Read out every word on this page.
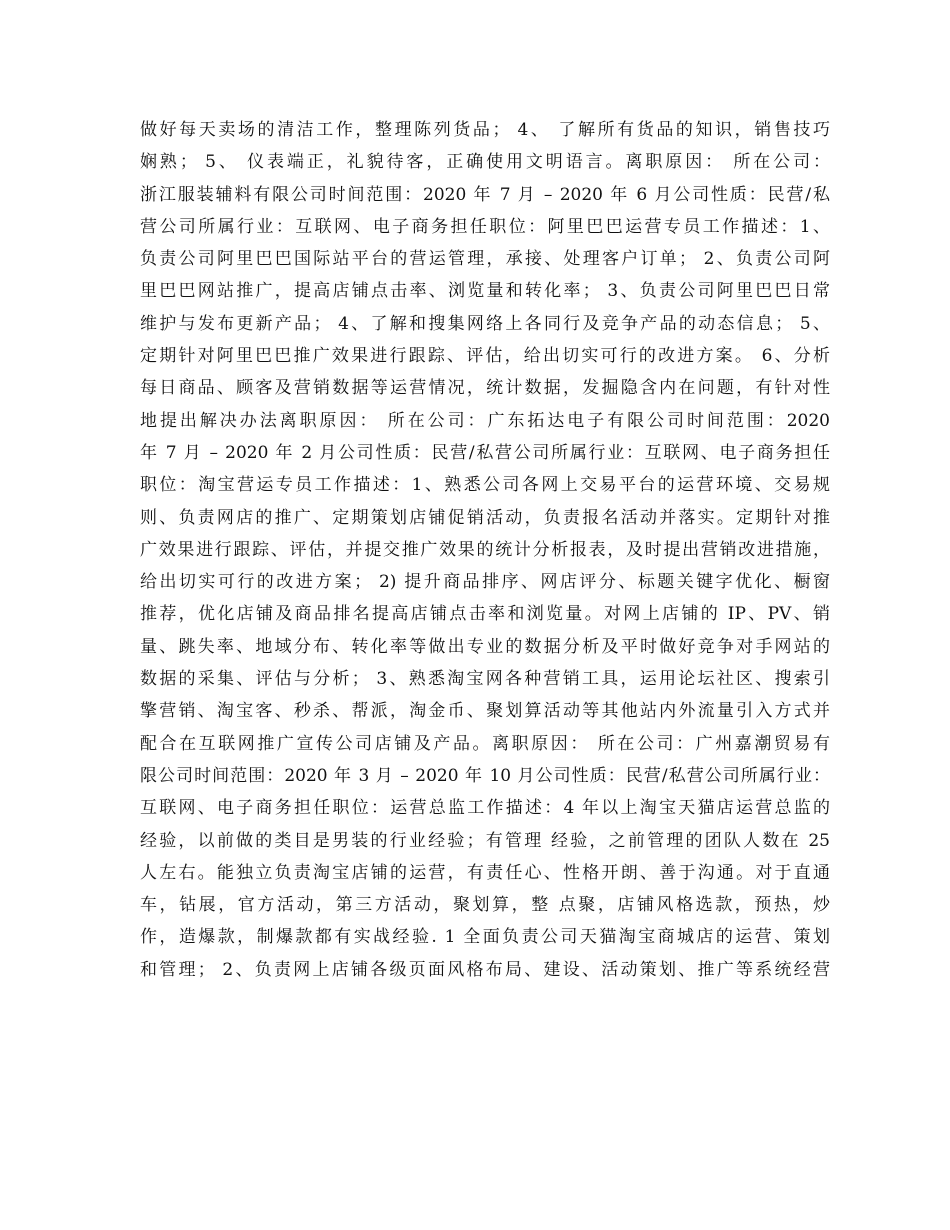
做好每天卖场的清洁工作，整理陈列货品； 4、 了解所有货品的知识，销售技巧
娴熟； 5、 仪表端正，礼貌待客，正确使用文明语言。离职原因： 所在公司：
浙江服装辅料有限公司时间范围：2020 年 7 月 – 2020 年 6 月公司性质：民营/私
营公司所属行业：互联网、电子商务担任职位：阿里巴巴运营专员工作描述：1、
负责公司阿里巴巴国际站平台的营运管理，承接、处理客户订单； 2、负责公司阿
里巴巴网站推广，提高店铺点击率、浏览量和转化率； 3、负责公司阿里巴巴日常
维护与发布更新产品； 4、了解和搜集网络上各同行及竞争产品的动态信息； 5、
定期针对阿里巴巴推广效果进行跟踪、评估，给出切实可行的改进方案。 6、分析
每日商品、顾客及营销数据等运营情况，统计数据，发掘隐含内在问题，有针对性
地提出解决办法离职原因： 所在公司：广东拓达电子有限公司时间范围：2020
年 7 月 – 2020 年 2 月公司性质：民营/私营公司所属行业：互联网、电子商务担任
职位：淘宝营运专员工作描述：1、熟悉公司各网上交易平台的运营环境、交易规
则、负责网店的推广、定期策划店铺促销活动，负责报名活动并落实。定期针对推
广效果进行跟踪、评估，并提交推广效果的统计分析报表，及时提出营销改进措施，
给出切实可行的改进方案； 2) 提升商品排序、网店评分、标题关键字优化、橱窗
推荐，优化店铺及商品排名提高店铺点击率和浏览量。对网上店铺的 IP、PV、销
量、跳失率、地域分布、转化率等做出专业的数据分析及平时做好竞争对手网站的
数据的采集、评估与分析； 3、熟悉淘宝网各种营销工具，运用论坛社区、搜索引
擎营销、淘宝客、秒杀、帮派，淘金币、聚划算活动等其他站内外流量引入方式并
配合在互联网推广宣传公司店铺及产品。离职原因： 所在公司：广州嘉潮贸易有
限公司时间范围：2020 年 3 月 – 2020 年 10 月公司性质：民营/私营公司所属行业：
互联网、电子商务担任职位：运营总监工作描述：4 年以上淘宝天猫店运营总监的
经验，以前做的类目是男装的行业经验；有管理 经验，之前管理的团队人数在 25
人左右。能独立负责淘宝店铺的运营，有责任心、性格开朗、善于沟通。对于直通
车，钻展，官方活动，第三方活动，聚划算，整 点聚，店铺风格选款，预热，炒
作，造爆款，制爆款都有实战经验. 1 全面负责公司天猫淘宝商城店的运营、策划
和管理； 2、负责网上店铺各级页面风格布局、建设、活动策划、推广等系统经营
